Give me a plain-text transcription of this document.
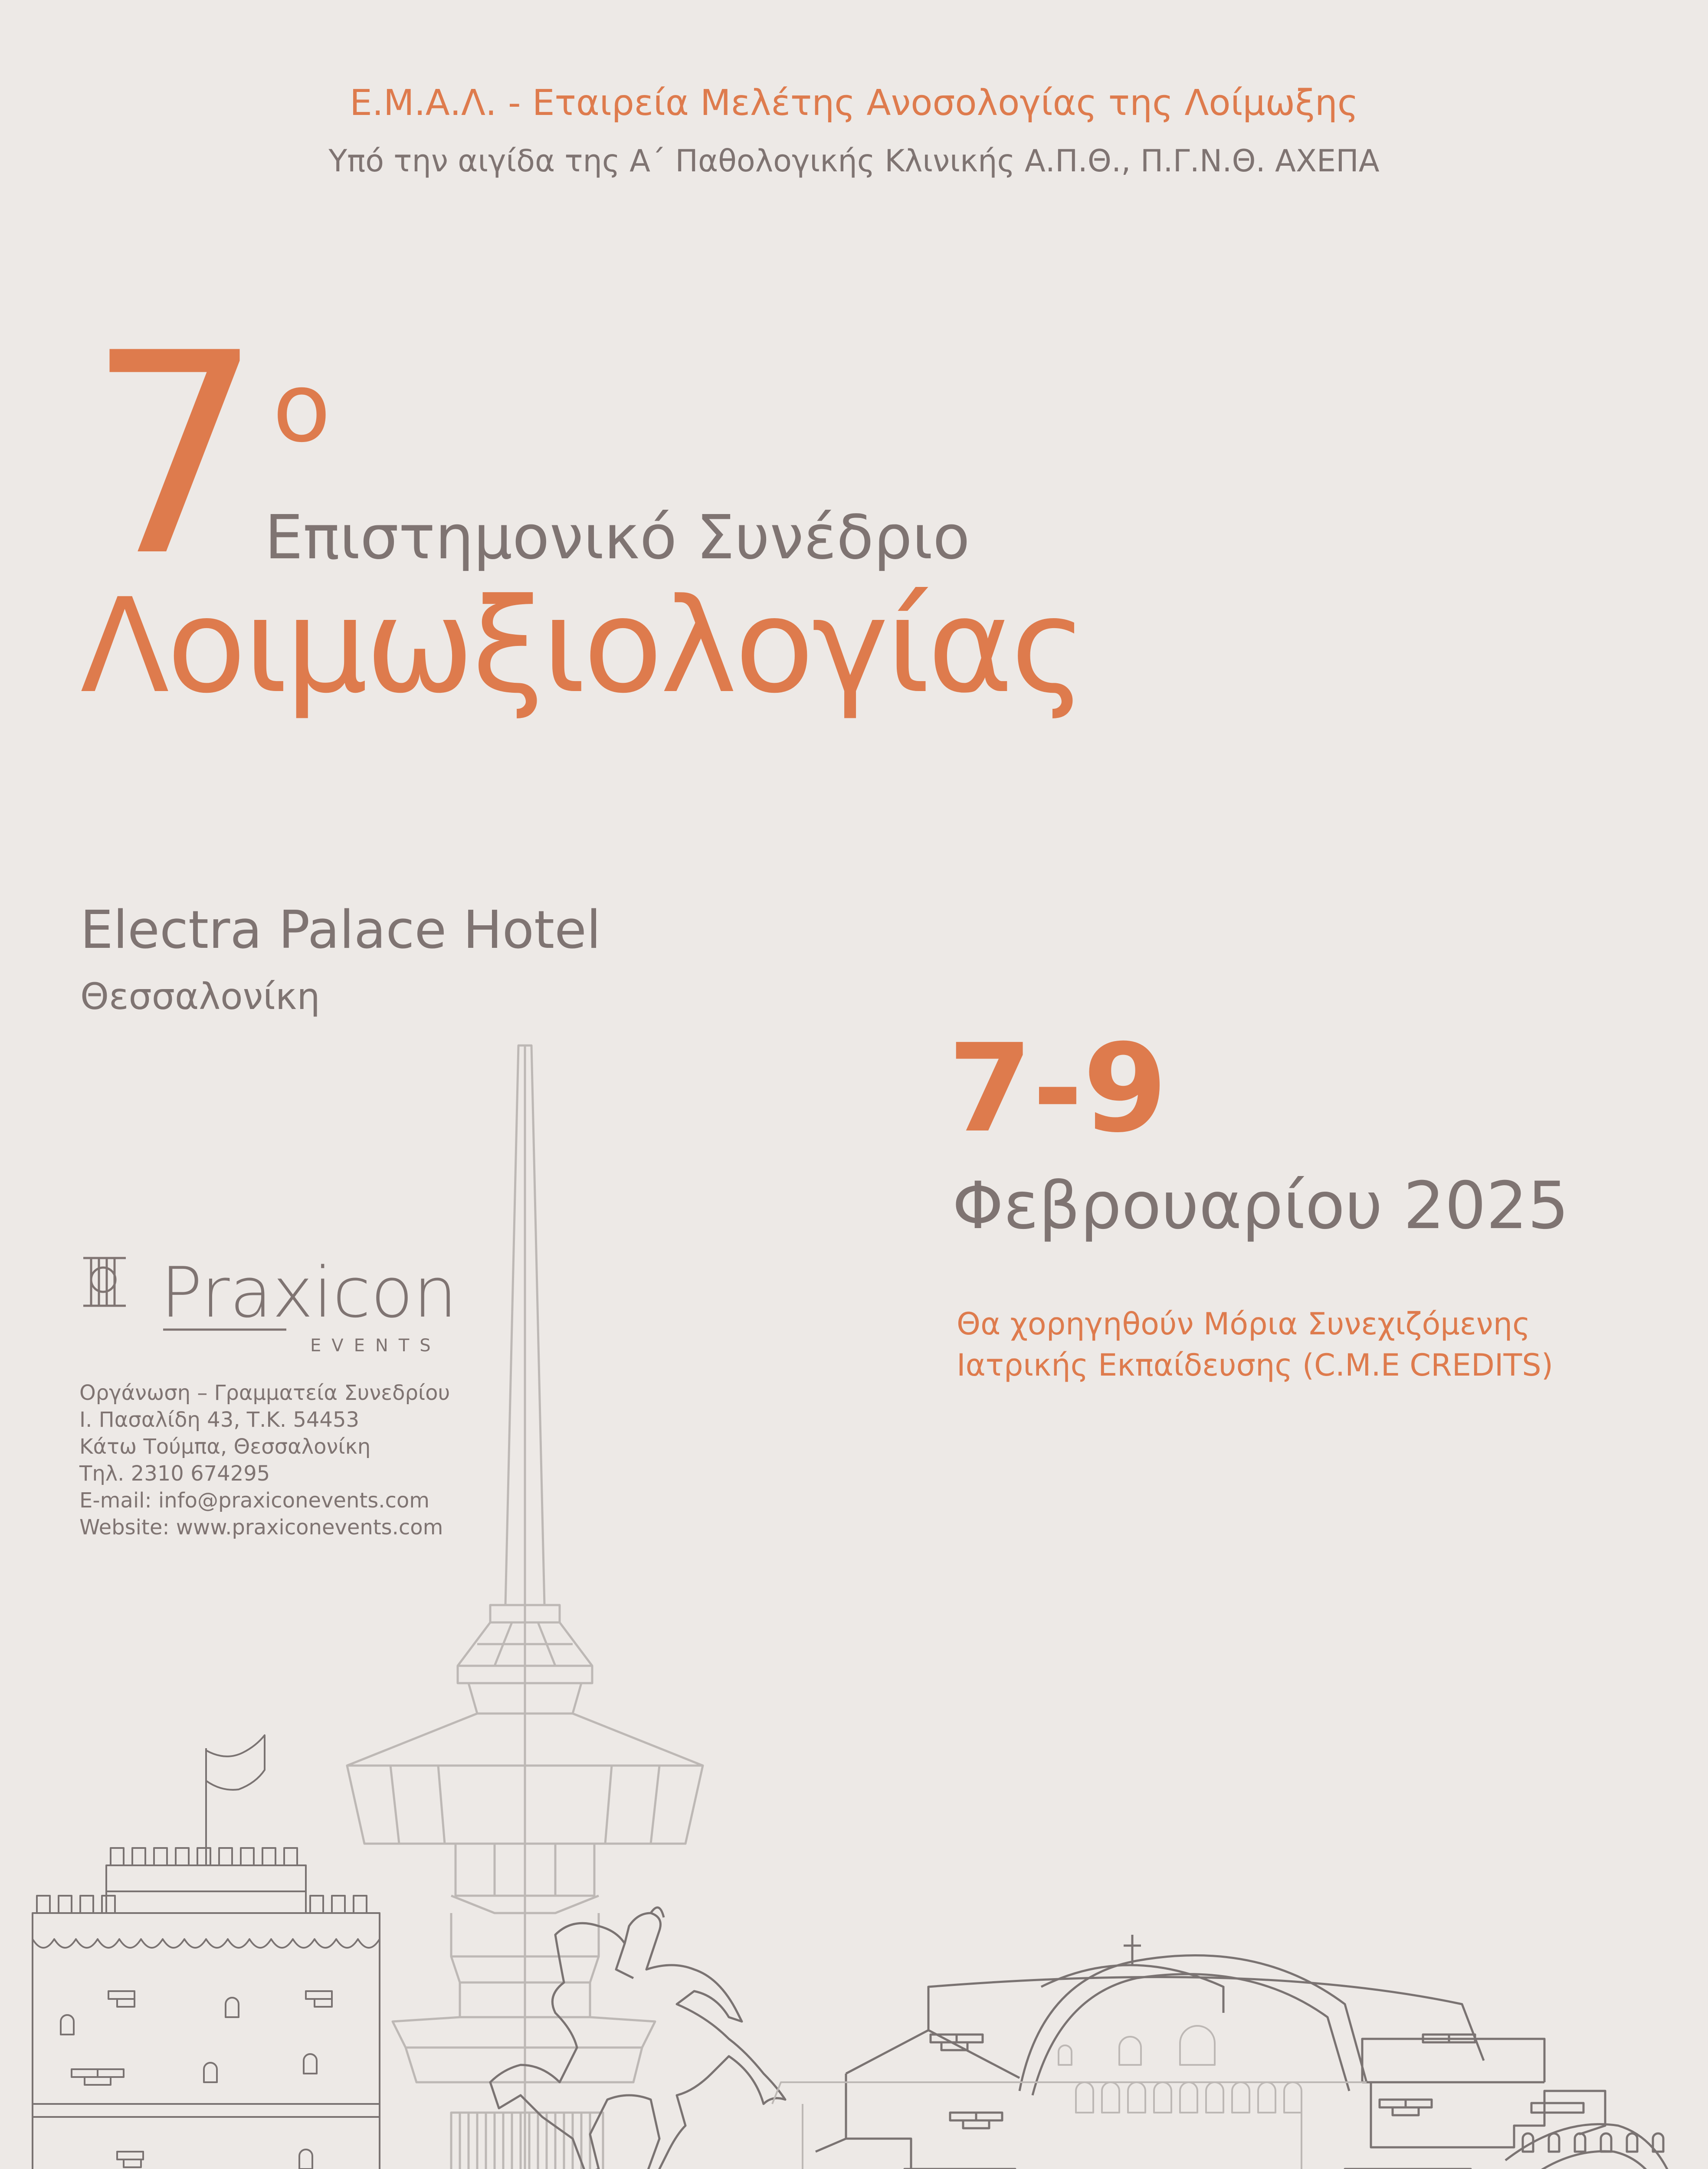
Ε.Μ.Α.Λ. - Εταιρεία Μελέτης Ανοσολογίας της Λοίμωξης
Υπό την αιγίδα της Α΄ Παθολογικής Κλινικής Α.Π.Θ., Π.Γ.Ν.Θ. ΑΧΕΠΑ
7 ο
Επιστημονικό Συνέδριο
Λοιμωξιολογίας
Electra Palace Hotel
Θεσσαλονίκη
7-9
Φεβρουαρίου 2025
Θα χορηγηθούν Μόρια Συνεχιζόμενης
Ιατρικής Εκπαίδευσης (C.M.E CREDITS)
Praxicon
EVENTS
Οργάνωση – Γραμματεία Συνεδρίου
Ι. Πασαλίδη 43, Τ.Κ. 54453
Κάτω Τούμπα, Θεσσαλονίκη
Τηλ. 2310 674295
E-mail: info@praxiconevents.com
Website: www.praxiconevents.com
